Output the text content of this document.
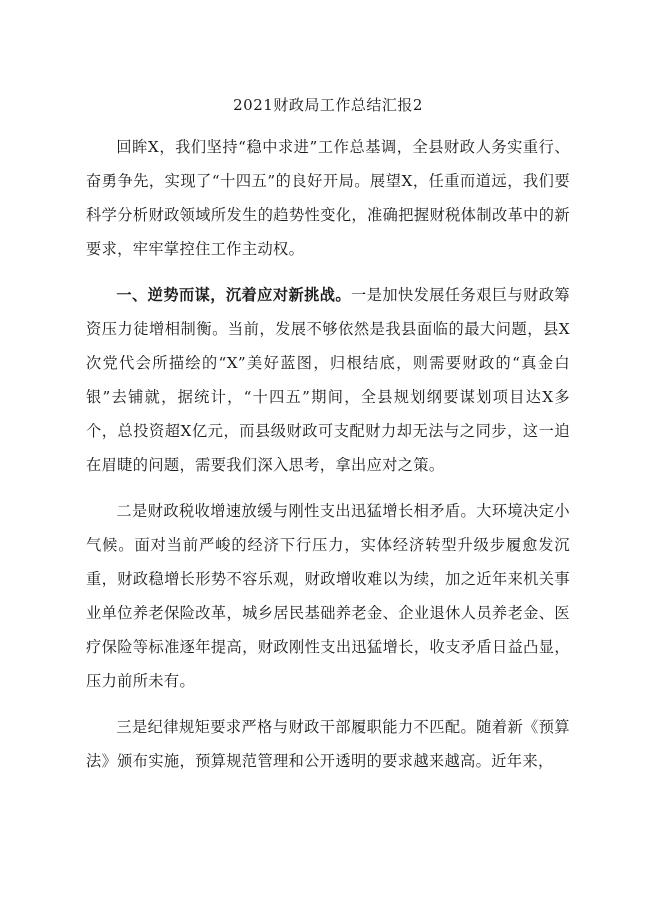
2021财政局工作总结汇报2

回眸X，我们坚持“稳中求进”工作总基调，全县财政人务实重行、奋勇争先，实现了“十四五”的良好开局。展望X，任重而道远，我们要科学分析财政领域所发生的趋势性变化，准确把握财税体制改革中的新要求，牢牢掌控住工作主动权。

一、逆势而谋，沉着应对新挑战。一是加快发展任务艰巨与财政筹资压力徒增相制衡。当前，发展不够依然是我县面临的最大问题，县X次党代会所描绘的“X”美好蓝图，归根结底，则需要财政的“真金白银”去铺就，据统计，“十四五”期间，全县规划纲要谋划项目达X多个，总投资超X亿元，而县级财政可支配财力却无法与之同步，这一迫在眉睫的问题，需要我们深入思考，拿出应对之策。

二是财政税收增速放缓与刚性支出迅猛增长相矛盾。大环境决定小气候。面对当前严峻的经济下行压力，实体经济转型升级步履愈发沉重，财政稳增长形势不容乐观，财政增收难以为续，加之近年来机关事业单位养老保险改革，城乡居民基础养老金、企业退休人员养老金、医疗保险等标准逐年提高，财政刚性支出迅猛增长，收支矛盾日益凸显，压力前所未有。

三是纪律规矩要求严格与财政干部履职能力不匹配。随着新《预算法》颁布实施，预算规范管理和公开透明的要求越来越高。近年来，
